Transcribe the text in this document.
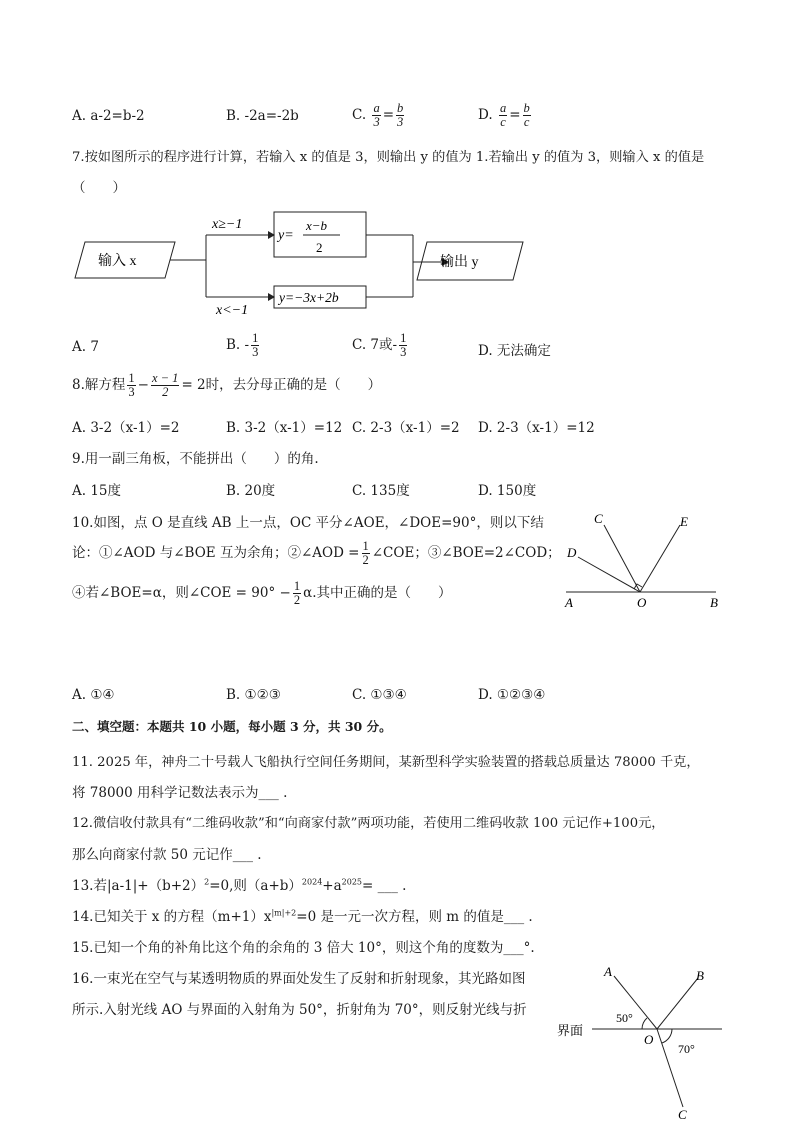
A. a-2=b-2	B. -2a=-2b	C. $\frac{a}{3} = \frac{b}{3}$	D. $\frac{a}{c} = \frac{b}{c}$
7.按如图所示的程序进行计算，若输入 x 的值是 3，则输出 y 的值为 1.若输出 y 的值为 3，则输入 x 的值是
（　　）
输入 x
x≥−1
x<−1
y=
x−b
2
y=−3x+2b
输出 y
A. 7	B. - $\frac{1}{3}$	C. 7或- $\frac{1}{3}$	D. 无法确定
8.解方程 $\frac{1}{3} - \frac{x - 1}{2} = 2$时，去分母正确的是（　　）
A. 3-2（x-1）=2	B. 3-2（x-1）=12 C. 2-3（x-1）=2 D. 2-3（x-1）=12
9.用一副三角板，不能拼出（　　）的角.
A. 15度	B. 20度	C. 135度	D. 150度
10.如图，点 O 是直线 AB 上一点，OC 平分∠AOE，∠DOE=90°，则以下结
论：①∠AOD 与∠BOE 互为余角；②∠AOD = $\frac{1}{2}$ ∠COE；③∠BOE=2∠COD；
④若∠BOE=α，则∠COE = $90^\circ - \frac{1}{2} \alpha$.其中正确的是（　　）
C	E
D
A	O	B
A. ①④	B. ①②③	C. ①③④	D. ①②③④
二、填空题：本题共 10 小题，每小题 3 分，共 30 分。
11. 2025 年，神舟二十号载人飞船执行空间任务期间，某新型科学实验装置的搭载总质量达 78000 千克，
将 78000 用科学记数法表示为___ .
12.微信收付款具有“二维码收款”和“向商家付款”两项功能，若使用二维码收款 100 元记作+100元，
那么向商家付款 50 元记作___ .
13.若$|a-1|+(b+2)^2=0$,则$(a+b)^{2024}+a^{2025}=$ ___ .
14.已知关于 x 的方程$(m+1)x^{|m|+2}=0$ 是一元一次方程，则 m 的值是___ .
15.已知一个角的补角比这个角的余角的 3 倍大 10°，则这个角的度数为___°.
16.一束光在空气与某透明物质的界面处发生了反射和折射现象，其光路如图
所示.入射光线 AO 与界面的入射角为 50°，折射角为 70°，则反射光线与折
A	B
C
O
界面
50°
70°
